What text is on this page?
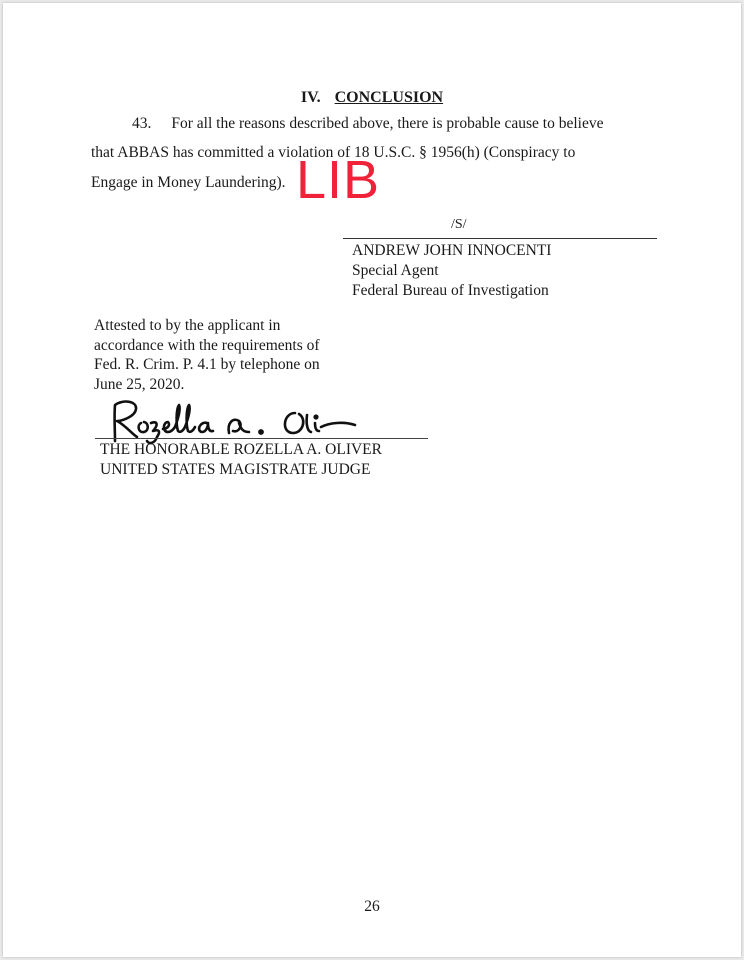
IV. CONCLUSION
43. For all the reasons described above, there is probable cause to believe
that ABBAS has committed a violation of 18 U.S.C. § 1956(h) (Conspiracy to
Engage in Money Laundering). LIB
/S/
ANDREW JOHN INNOCENTI
Special Agent
Federal Bureau of Investigation
Attested to by the applicant in
accordance with the requirements of
Fed. R. Crim. P. 4.1 by telephone on
June 25, 2020.
THE HONORABLE ROZELLA A. OLIVER
UNITED STATES MAGISTRATE JUDGE
26
